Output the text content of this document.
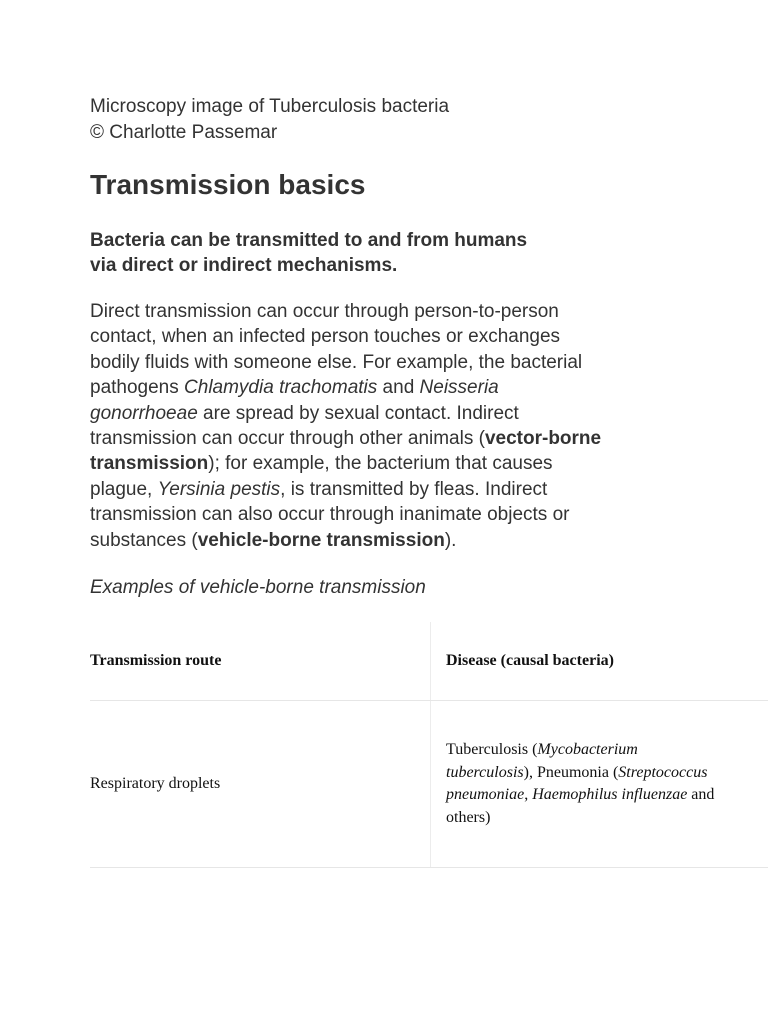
Microscopy image of Tuberculosis bacteria
© Charlotte Passemar

Transmission basics

Bacteria can be transmitted to and from humans
via direct or indirect mechanisms.

Direct transmission can occur through person-to-person
contact, when an infected person touches or exchanges
bodily fluids with someone else. For example, the bacterial
pathogens Chlamydia trachomatis and Neisseria
gonorrhoeae are spread by sexual contact. Indirect
transmission can occur through other animals (vector-borne
transmission); for example, the bacterium that causes
plague, Yersinia pestis, is transmitted by fleas. Indirect
transmission can also occur through inanimate objects or
substances (vehicle-borne transmission).

Examples of vehicle-borne transmission

Transmission route	Disease (causal bacteria)
Respiratory droplets
Tuberculosis (Mycobacterium
tuberculosis), Pneumonia (Streptococcus
pneumoniae, Haemophilus influenzae and
others)
